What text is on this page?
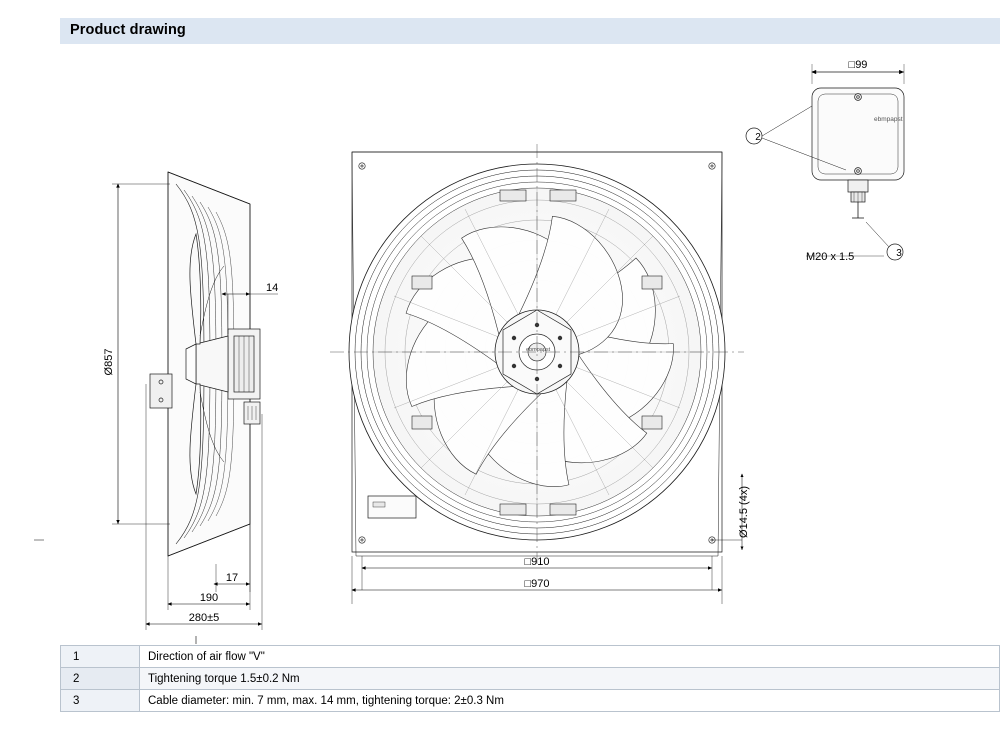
Product drawing
Ø857
14
17
190
280±5
□910
□970
Ø14.5 (4x)
□99
2
3
M20 x 1.5
ebmpapst
ebmpapst
1	Direction of air flow "V"
2	Tightening torque 1.5±0.2 Nm
3	Cable diameter: min. 7 mm, max. 14 mm, tightening torque: 2±0.3 Nm
